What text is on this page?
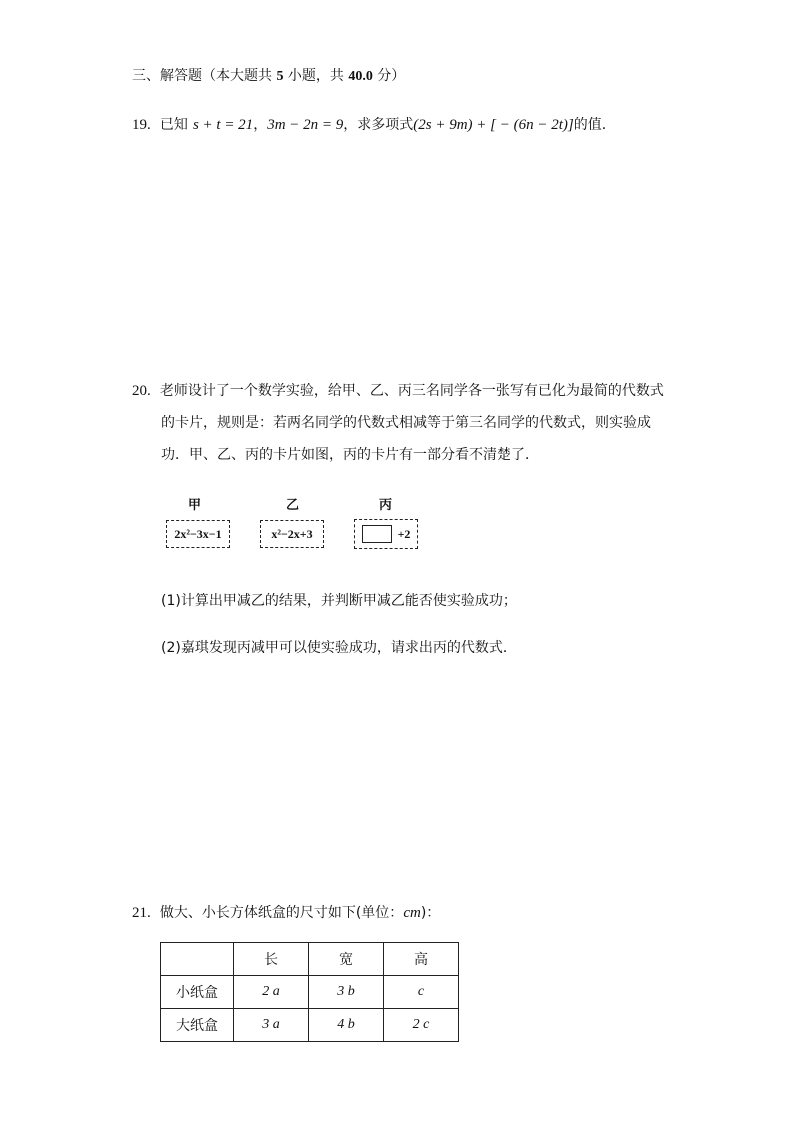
三、解答题（本大题共 5 小题，共 40.0 分）
19. 已知 s + t = 21，3m − 2n = 9，求多项式(2s + 9m) + [ − (6n − 2t)]的值．
20. 老师设计了一个数学实验，给甲、乙、丙三名同学各一张写有已化为最简的代数式
的卡片，规则是：若两名同学的代数式相减等于第三名同学的代数式，则实验成
功．甲、乙、丙的卡片如图，丙的卡片有一部分看不清楚了．
甲
2x²−3x−1
乙
x²−2x+3
丙
+2
(1)计算出甲减乙的结果，并判断甲减乙能否使实验成功；
(2)嘉琪发现丙减甲可以使实验成功，请求出丙的代数式．
21. 做大、小长方体纸盒的尺寸如下(单位：cm)：
	长	宽	高
小纸盒	2 a	3 b	c
大纸盒	3 a	4 b	2 c
